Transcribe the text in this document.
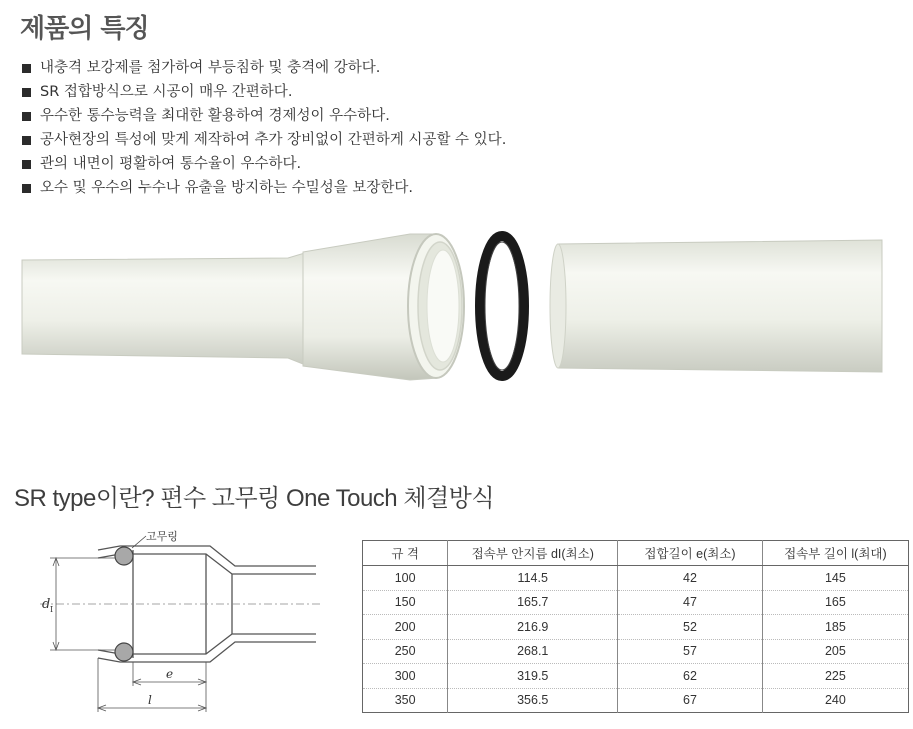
제품의 특징
내충격 보강제를 첨가하여 부등침하 및 충격에 강하다.
SR 접합방식으로 시공이 매우 간편하다.
우수한 통수능력을 최대한 활용하여 경제성이 우수하다.
공사현장의 특성에 맞게 제작하여 추가 장비없이 간편하게 시공할 수 있다.
관의 내면이 평활하여 통수율이 우수하다.
오수 및 우수의 누수나 유출을 방지하는 수밀성을 보장한다.
SR type이란? 편수 고무링 One Touch 체결방식
고무링
d I
e
l
규 격	접속부 안지름 dI(최소)	접합길이 e(최소)	접속부 길이 l(최대)
100	114.5	42	145
150	165.7	47	165
200	216.9	52	185
250	268.1	57	205
300	319.5	62	225
350	356.5	67	240
